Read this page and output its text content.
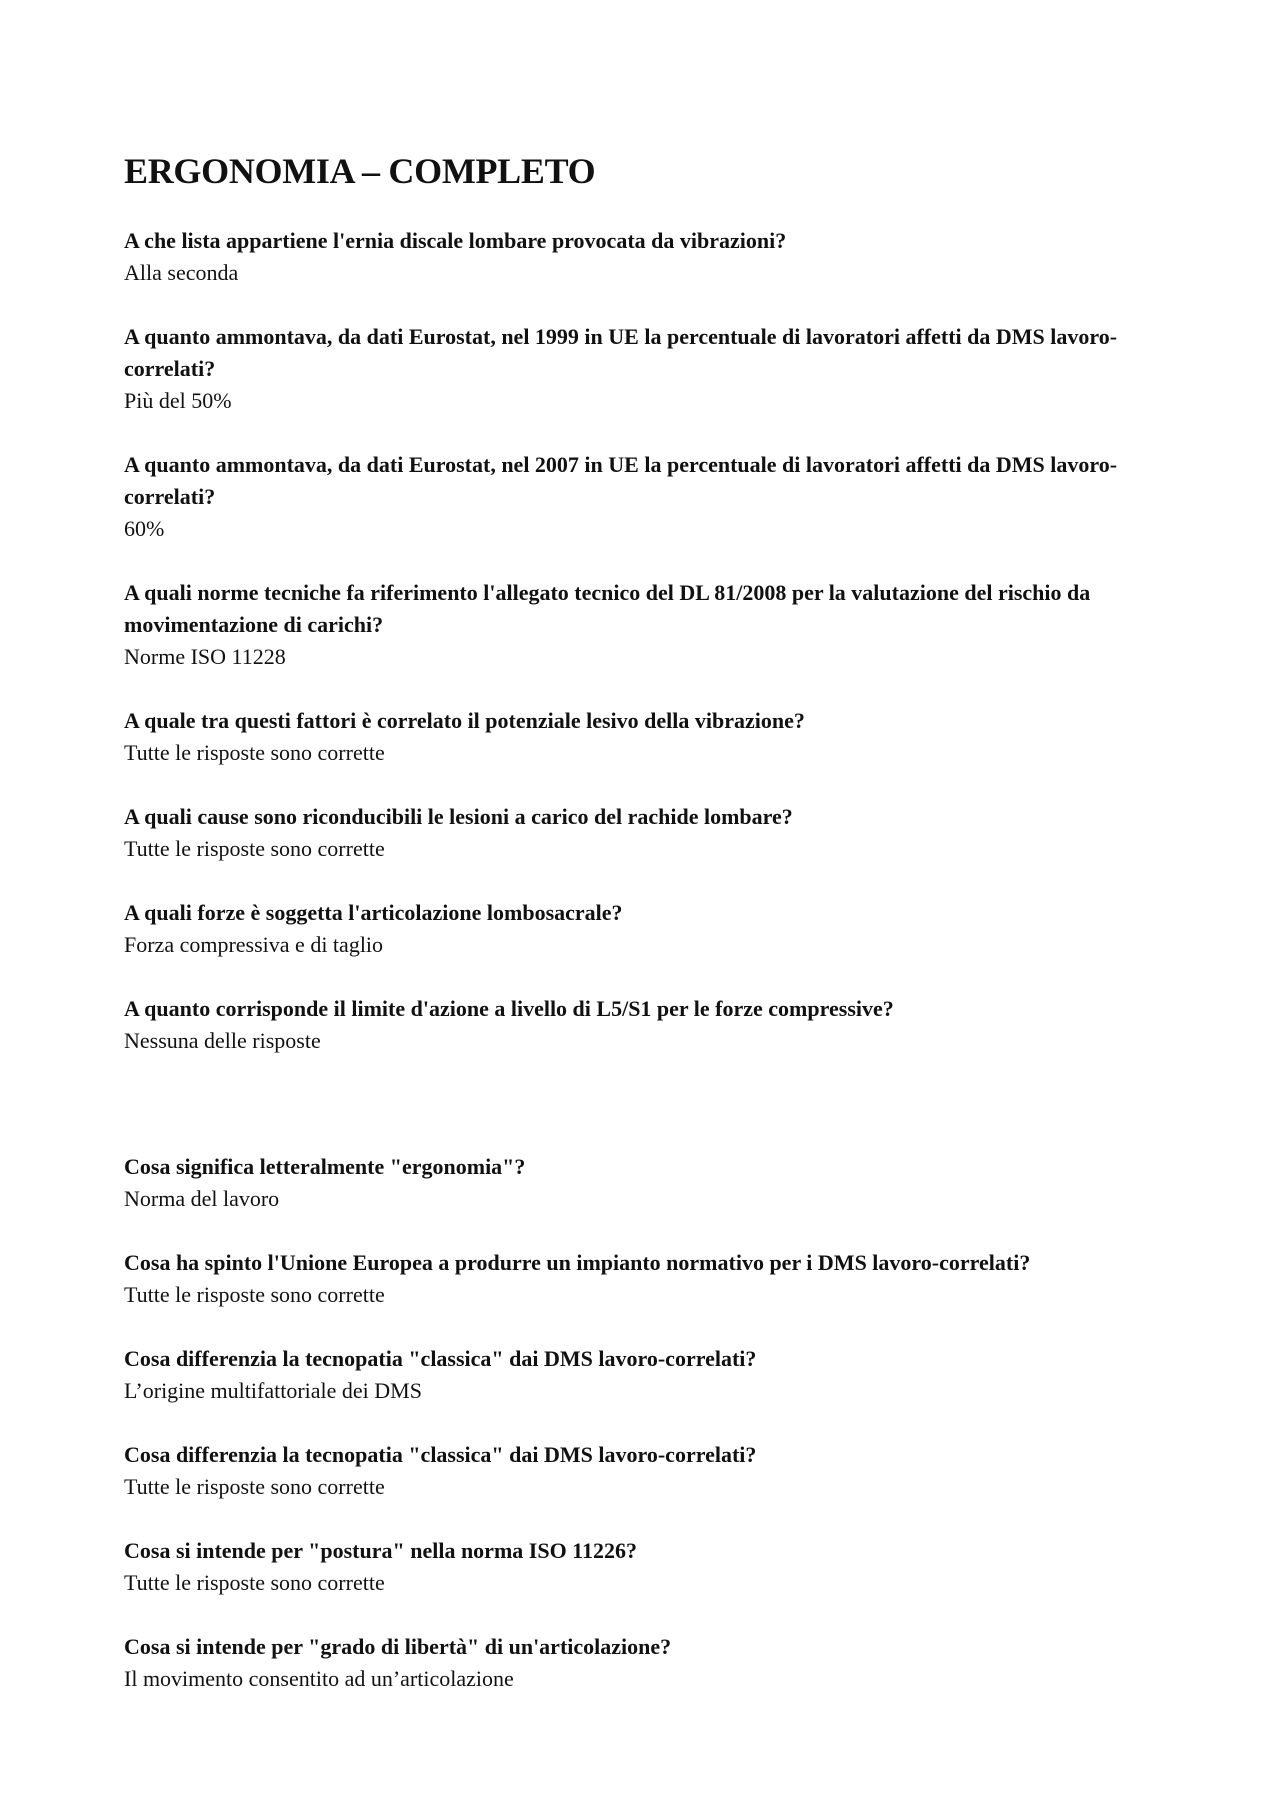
ERGONOMIA – COMPLETO
A che lista appartiene l'ernia discale lombare provocata da vibrazioni?
Alla seconda
A quanto ammontava, da dati Eurostat, nel 1999 in UE la percentuale di lavoratori affetti da DMS lavoro-correlati?
Più del 50%
A quanto ammontava, da dati Eurostat, nel 2007 in UE la percentuale di lavoratori affetti da DMS lavoro-correlati?
60%
A quali norme tecniche fa riferimento l'allegato tecnico del DL 81/2008 per la valutazione del rischio da movimentazione di carichi?
Norme ISO 11228
A quale tra questi fattori è correlato il potenziale lesivo della vibrazione?
Tutte le risposte sono corrette
A quali cause sono riconducibili le lesioni a carico del rachide lombare?
Tutte le risposte sono corrette
A quali forze è soggetta l'articolazione lombosacrale?
Forza compressiva e di taglio
A quanto corrisponde il limite d'azione a livello di L5/S1 per le forze compressive?
Nessuna delle risposte
Cosa significa letteralmente "ergonomia"?
Norma del lavoro
Cosa ha spinto l'Unione Europea a produrre un impianto normativo per i DMS lavoro-correlati?
Tutte le risposte sono corrette
Cosa differenzia la tecnopatia "classica" dai DMS lavoro-correlati?
L’origine multifattoriale dei DMS
Cosa differenzia la tecnopatia "classica" dai DMS lavoro-correlati?
Tutte le risposte sono corrette
Cosa si intende per "postura" nella norma ISO 11226?
Tutte le risposte sono corrette
Cosa si intende per "grado di libertà" di un'articolazione?
Il movimento consentito ad un’articolazione
